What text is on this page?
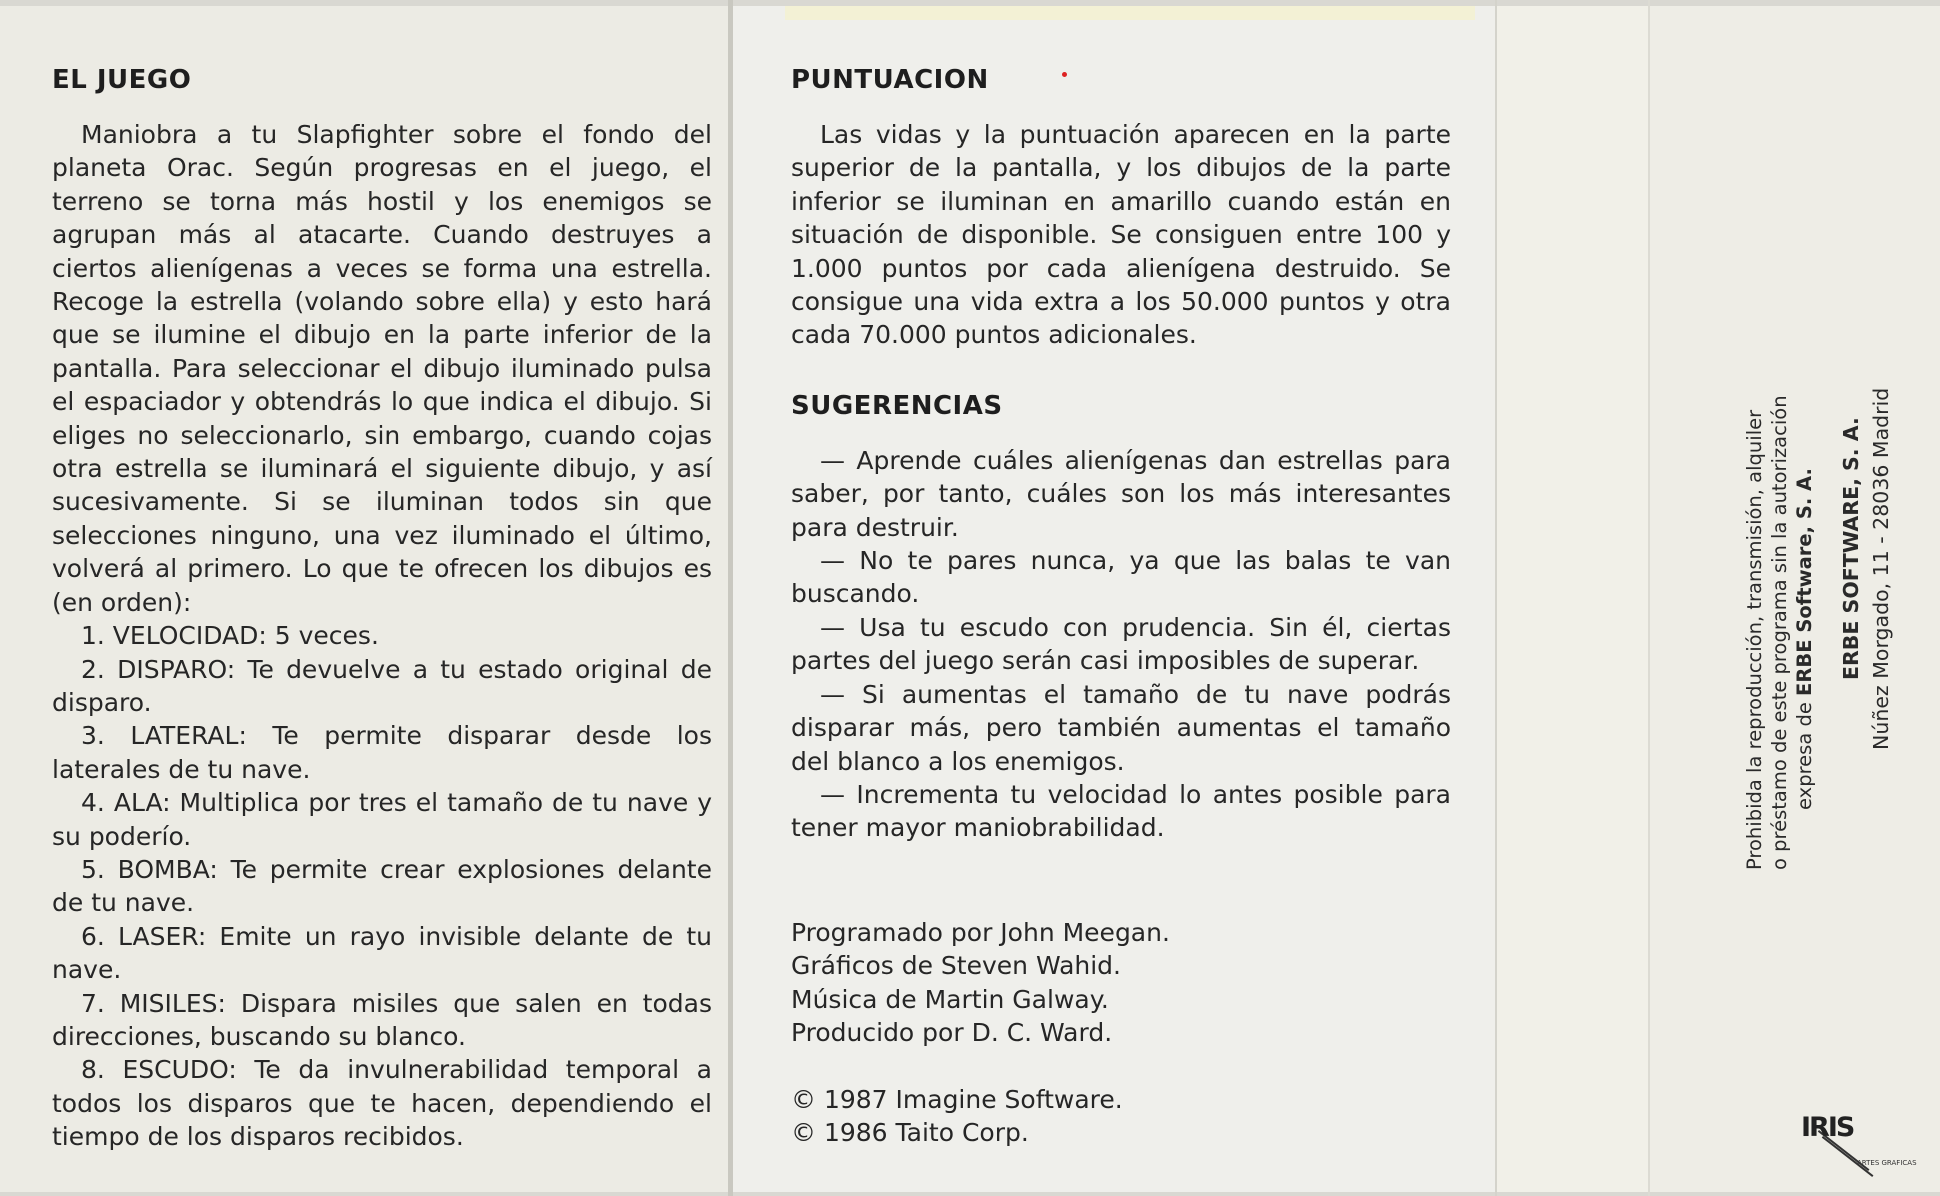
EL JUEGO

Maniobra a tu Slapfighter sobre el fondo del planeta Orac. Según progresas en el juego, el terreno se torna más hostil y los enemigos se agrupan más al atacarte. Cuando destruyes a ciertos alienígenas a veces se forma una estrella. Recoge la estrella (volando sobre ella) y esto hará que se ilumine el dibujo en la parte inferior de la pantalla. Para seleccionar el dibujo iluminado pulsa el espaciador y obtendrás lo que indica el dibujo. Si eliges no seleccionarlo, sin embargo, cuando cojas otra estrella se iluminará el siguiente dibujo, y así sucesivamente. Si se iluminan todos sin que selecciones ninguno, una vez iluminado el último, volverá al primero. Lo que te ofrecen los dibujos es (en orden):

1. VELOCIDAD: 5 veces.

2. DISPARO: Te devuelve a tu estado original de disparo.

3. LATERAL: Te permite disparar desde los laterales de tu nave.

4. ALA: Multiplica por tres el tamaño de tu nave y su poderío.

5. BOMBA: Te permite crear explosiones delante de tu nave.

6. LASER: Emite un rayo invisible delante de tu nave.

7. MISILES: Dispara misiles que salen en todas direcciones, buscando su blanco.

8. ESCUDO: Te da invulnerabilidad temporal a todos los disparos que te hacen, dependiendo el tiempo de los disparos recibidos.

PUNTUACION

Las vidas y la puntuación aparecen en la parte superior de la pantalla, y los dibujos de la parte inferior se iluminan en amarillo cuando están en situación de disponible. Se consiguen entre 100 y 1.000 puntos por cada alienígena destruido. Se consigue una vida extra a los 50.000 puntos y otra cada 70.000 puntos adicionales.

SUGERENCIAS

— Aprende cuáles alienígenas dan estrellas para saber, por tanto, cuáles son los más interesantes para destruir.

— No te pares nunca, ya que las balas te van buscando.

— Usa tu escudo con prudencia. Sin él, ciertas partes del juego serán casi imposibles de superar.

— Si aumentas el tamaño de tu nave podrás disparar más, pero también aumentas el tamaño del blanco a los enemigos.

— Incrementa tu velocidad lo antes posible para tener mayor maniobrabilidad.

Programado por John Meegan.
Gráficos de Steven Wahid.
Música de Martin Galway.
Producido por D. C. Ward.
© 1987 Imagine Software.
© 1986 Taito Corp.
Prohibida la reproducción, transmisión, alquiler o préstamo de este programa sin la autorización expresa de ERBE Software, S. A. ERBE SOFTWARE, S. A. Núñez Morgado, 11 - 28036 Madrid
IRIS
ARTES GRAFICAS
